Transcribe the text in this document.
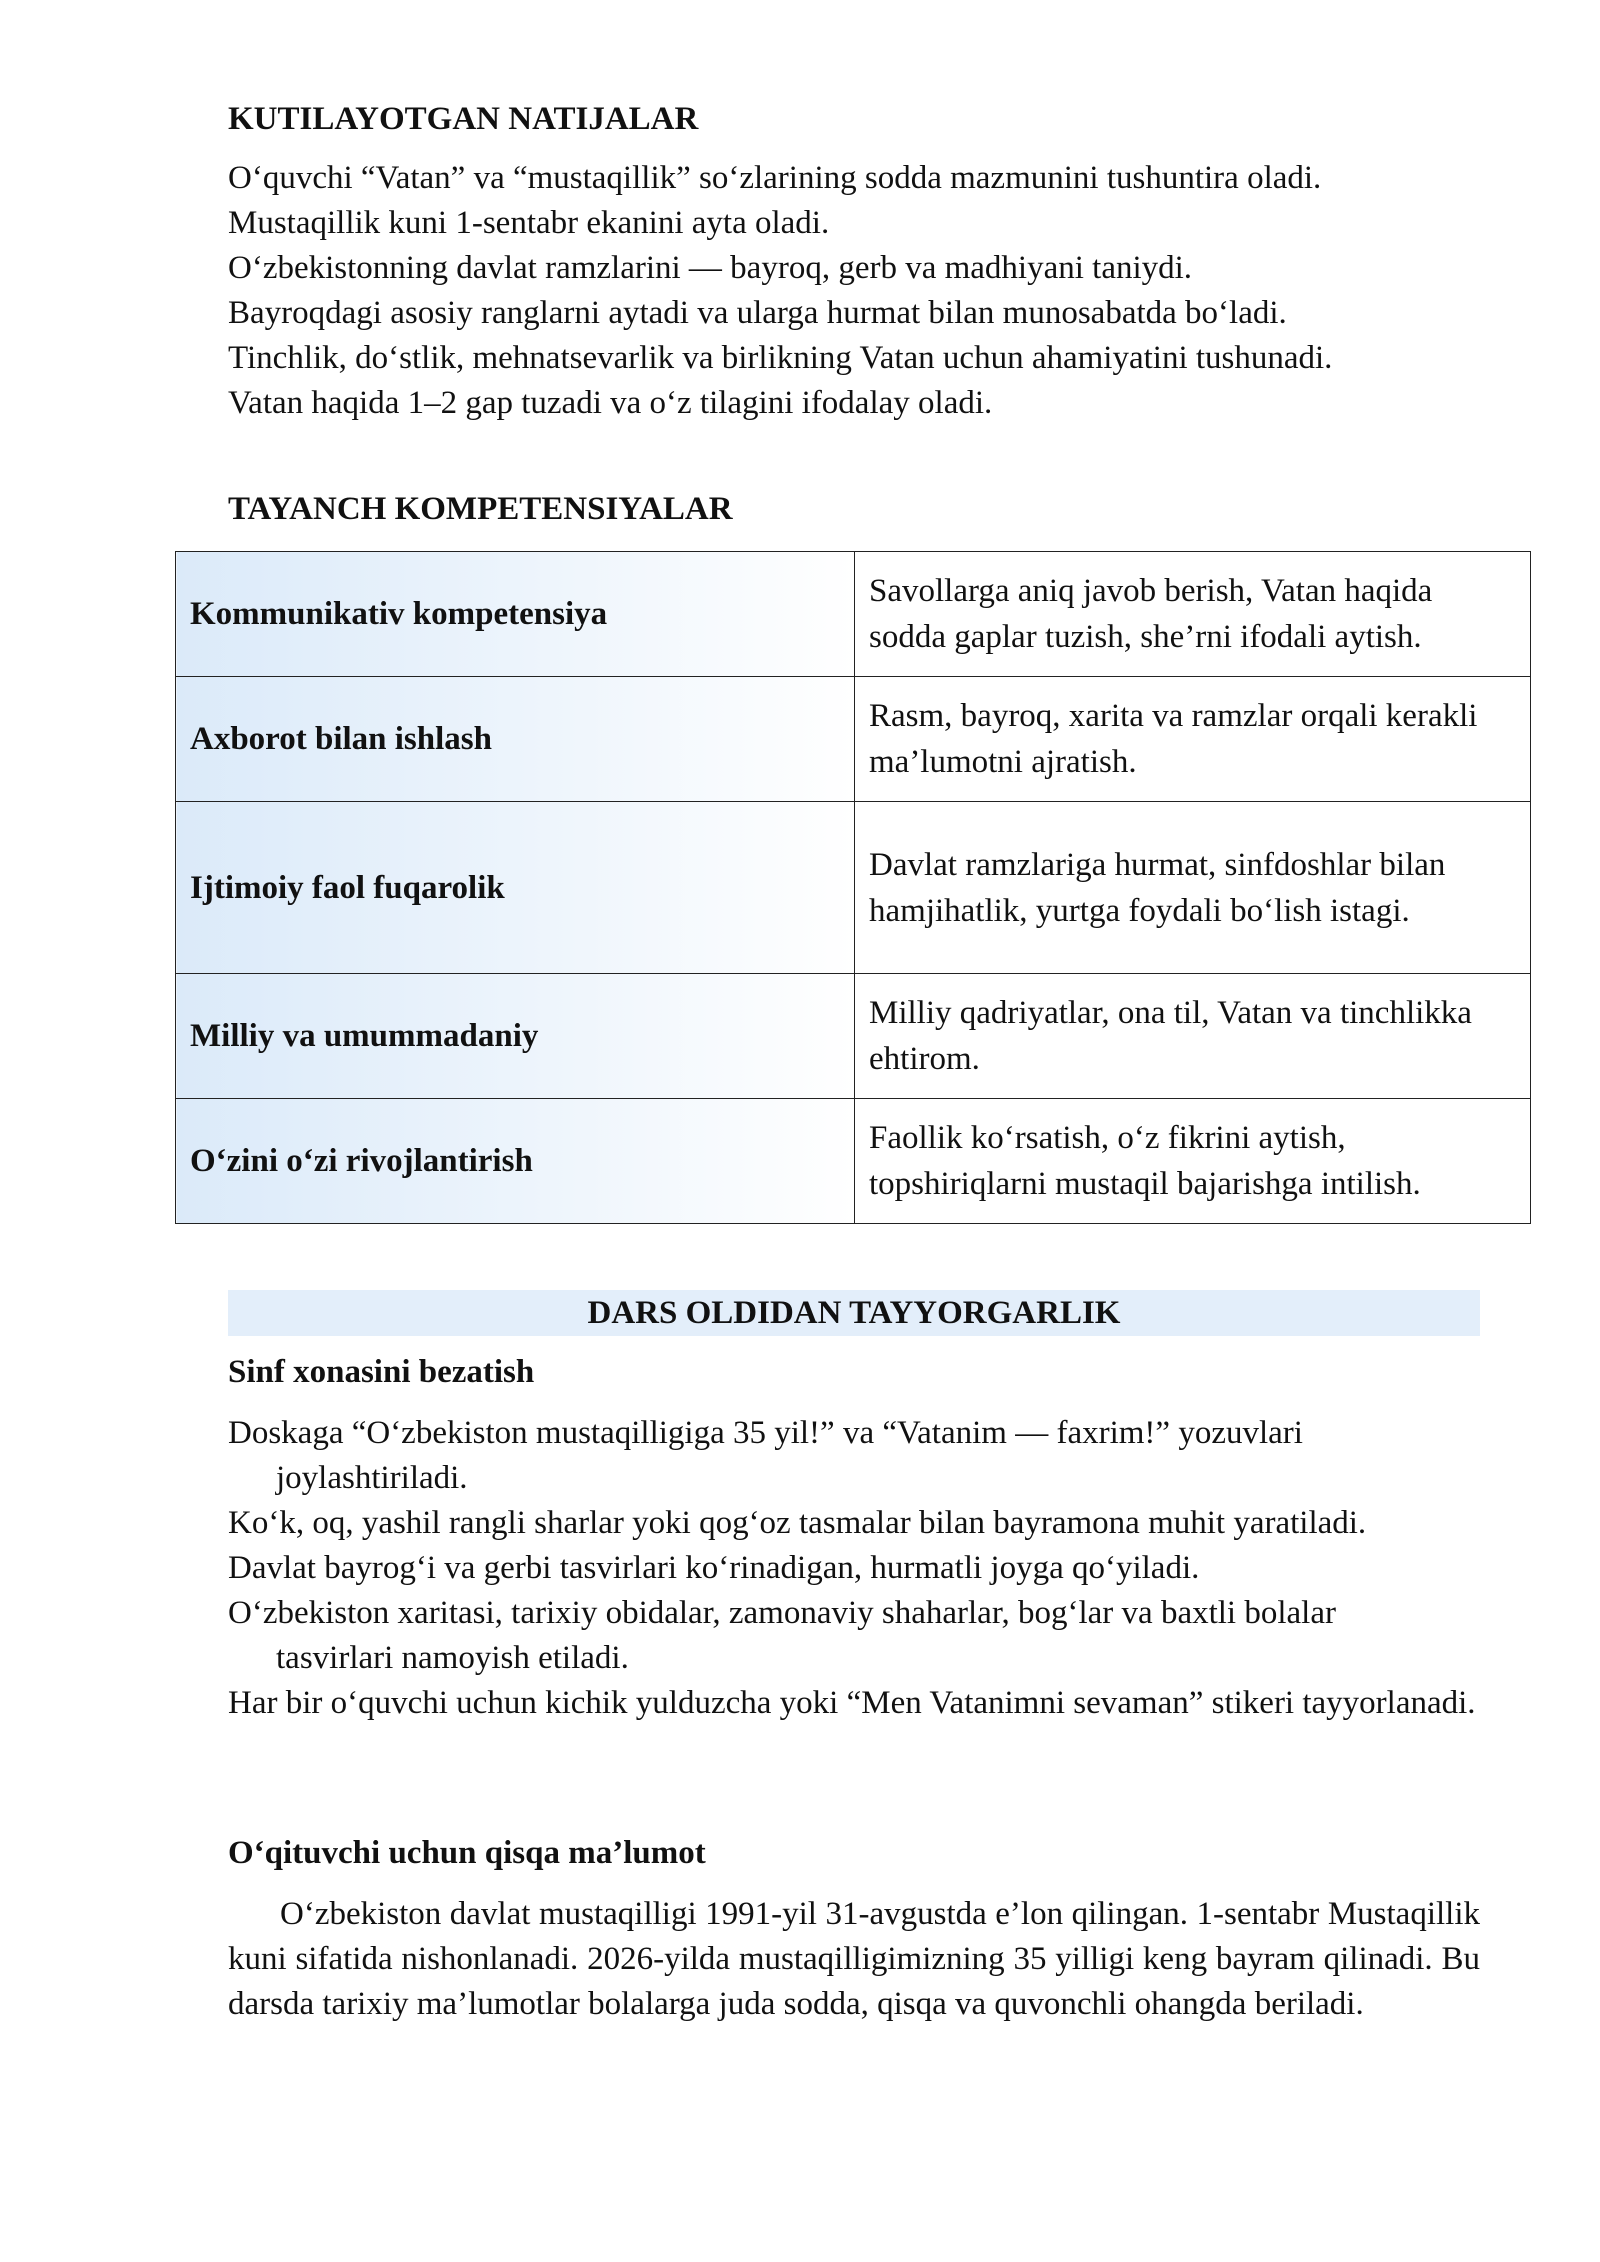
KUTILAYOTGAN NATIJALAR
O‘quvchi “Vatan” va “mustaqillik” so‘zlarining sodda mazmunini tushuntira oladi.
Mustaqillik kuni 1-sentabr ekanini ayta oladi.
O‘zbekistonning davlat ramzlarini — bayroq, gerb va madhiyani taniydi.
Bayroqdagi asosiy ranglarni aytadi va ularga hurmat bilan munosabatda bo‘ladi.
Tinchlik, do‘stlik, mehnatsevarlik va birlikning Vatan uchun ahamiyatini tushunadi.
Vatan haqida 1–2 gap tuzadi va o‘z tilagini ifodalay oladi.
TAYANCH KOMPETENSIYALAR
Kommunikativ kompetensiya	Savollarga aniq javob berish, Vatan haqida sodda gaplar tuzish, she’rni ifodali aytish.
Axborot bilan ishlash	Rasm, bayroq, xarita va ramzlar orqali kerakli ma’lumotni ajratish.
Ijtimoiy faol fuqarolik	Davlat ramzlariga hurmat, sinfdoshlar bilan hamjihatlik, yurtga foydali bo‘lish istagi.
Milliy va umummadaniy	Milliy qadriyatlar, ona til, Vatan va tinchlikka ehtirom.
O‘zini o‘zi rivojlantirish	Faollik ko‘rsatish, o‘z fikrini aytish, topshiriqlarni mustaqil bajarishga intilish.
DARS OLDIDAN TAYYORGARLIK
Sinf xonasini bezatish
Doskaga “O‘zbekiston mustaqilligiga 35 yil!” va “Vatanim — faxrim!” yozuvlari joylashtiriladi.
Ko‘k, oq, yashil rangli sharlar yoki qog‘oz tasmalar bilan bayramona muhit yaratiladi.
Davlat bayrog‘i va gerbi tasvirlari ko‘rinadigan, hurmatli joyga qo‘yiladi.
O‘zbekiston xaritasi, tarixiy obidalar, zamonaviy shaharlar, bog‘lar va baxtli bolalar tasvirlari namoyish etiladi.
Har bir o‘quvchi uchun kichik yulduzcha yoki “Men Vatanimni sevaman” stikeri tayyorlanadi.
O‘qituvchi uchun qisqa ma’lumot

O‘zbekiston davlat mustaqilligi 1991-yil 31-avgustda e’lon qilingan. 1-sentabr Mustaqillik kuni sifatida nishonlanadi. 2026-yilda mustaqilligimizning 35 yilligi keng bayram qilinadi. Bu darsda tarixiy ma’lumotlar bolalarga juda sodda, qisqa va quvonchli ohangda beriladi.
